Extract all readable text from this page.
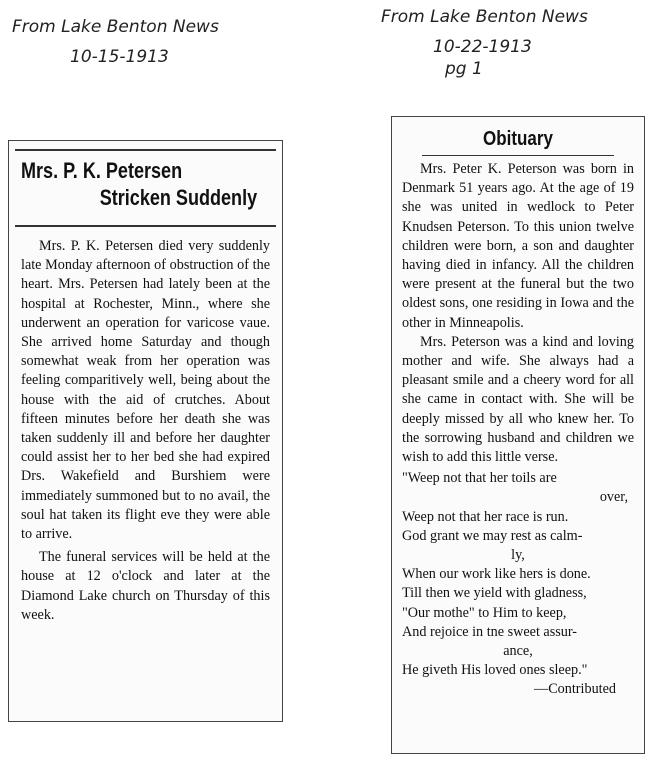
From Lake Benton News
10-15-1913
From Lake Benton News
10-22-1913
pg 1
Mrs. P. K. Petersen
Stricken Suddenly

Mrs. P. K. Petersen died very suddenly late Monday afternoon of obstruction of the heart. Mrs. Petersen had lately been at the hospital at Rochester, Minn., where she underwent an operation for varicose vaue. She arrived home Saturday and though somewhat weak from her operation was feeling comparitively well, being about the house with the aid of crutches. About fifteen minutes before her death she was taken suddenly ill and before her daughter could assist her to her bed she had expired Drs. Wakefield and Burshiem were immediately summoned but to no avail, the soul hat taken its flight eve they were able to arrive.

The funeral services will be held at the house at 12 o'clock and later at the Diamond Lake church on Thursday of this week.

Obituary

Mrs. Peter K. Peterson was born in Denmark 51 years ago. At the age of 19 she was united in wedlock to Peter Knudsen Peterson. To this union twelve children were born, a son and daughter having died in infancy. All the children were present at the funeral but the two oldest sons, one residing in Iowa and the other in Minneapolis.

Mrs. Peterson was a kind and loving mother and wife. She always had a pleasant smile and a cheery word for all she came in contact with. She will be deeply missed by all who knew her. To the sorrowing husband and children we wish to add this little verse.

"Weep not that her toils are
over,
Weep not that her race is run.
God grant we may rest as calm-
ly,
When our work like hers is done.
Till then we yield with gladness,
"Our mothe" to Him to keep,
And rejoice in tne sweet assur-
ance,
He giveth His loved ones sleep."
—Contributed
